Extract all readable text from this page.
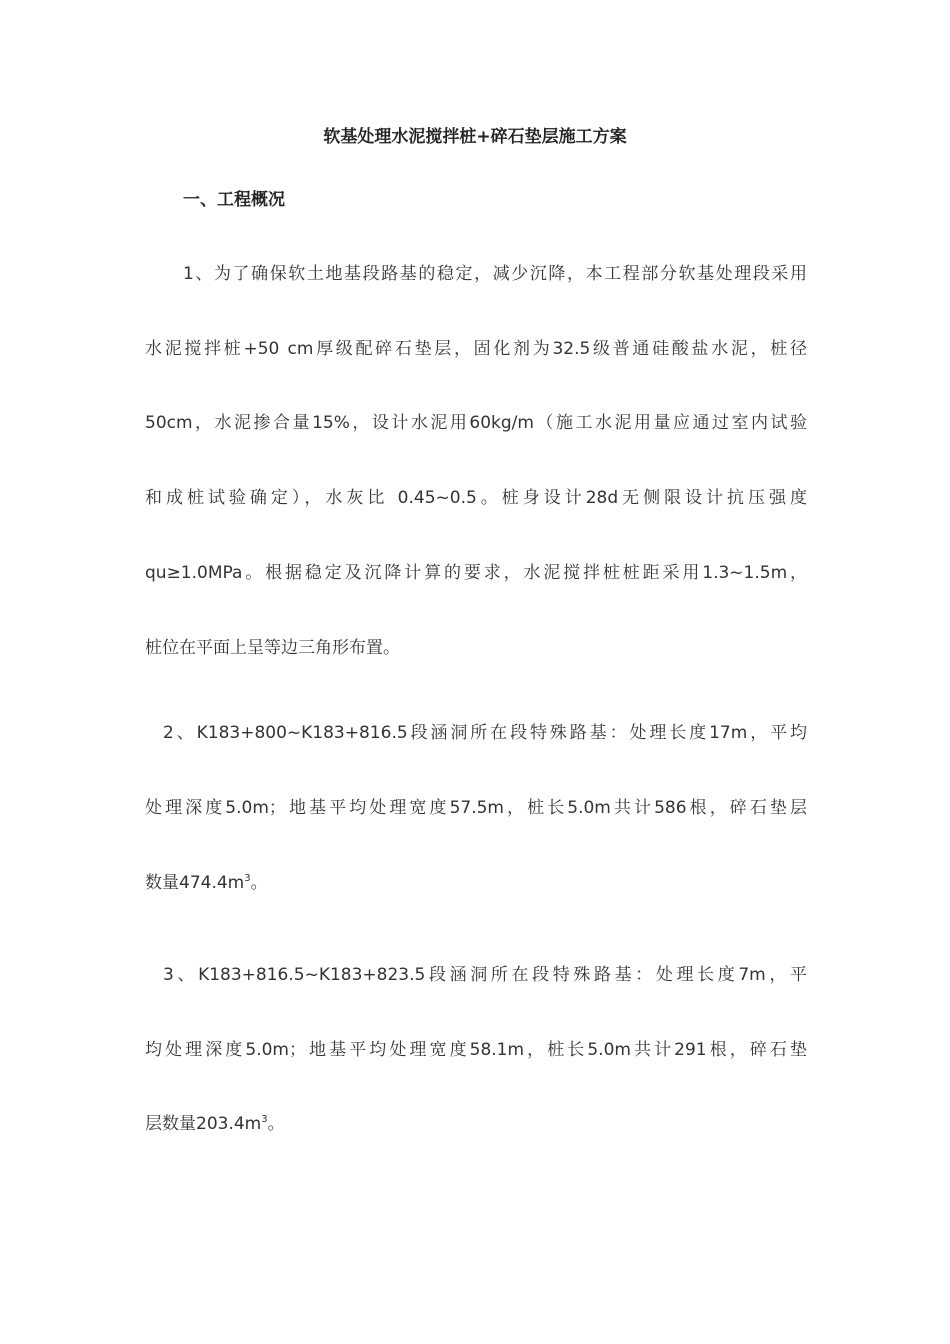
软基处理水泥搅拌桩+碎石垫层施工方案
一、工程概况
1、为了确保软土地基段路基的稳定，减少沉降，本工程部分软基处理段采用
水泥搅拌桩+50 cm厚级配碎石垫层，固化剂为32.5级普通硅酸盐水泥，桩径
50cm，水泥掺合量15%，设计水泥用60kg/m（施工水泥用量应通过室内试验
和成桩试验确定），水灰比 0.45~0.5。桩身设计28d无侧限设计抗压强度
qu≥1.0MPa。根据稳定及沉降计算的要求，水泥搅拌桩桩距采用1.3~1.5m，
桩位在平面上呈等边三角形布置。
2、K183+800~K183+816.5段涵洞所在段特殊路基：处理长度17m，平均
处理深度5.0m；地基平均处理宽度57.5m，桩长5.0m共计586根，碎石垫层
数量$474.4m^3$。
3、K183+816.5~K183+823.5段涵洞所在段特殊路基：处理长度7m，平
均处理深度5.0m；地基平均处理宽度58.1m，桩长5.0m共计291根，碎石垫
层数量$203.4m^3$。
